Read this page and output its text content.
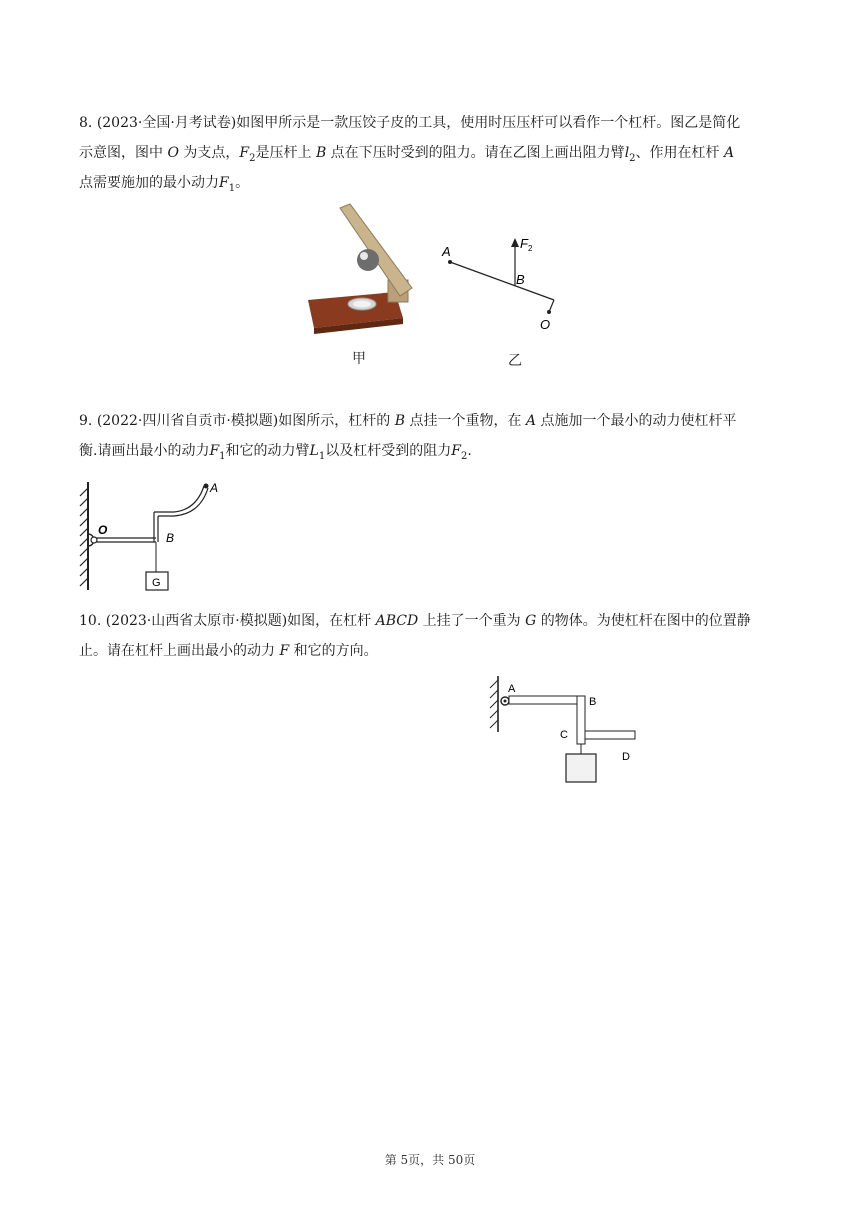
8. (2023·全国·月考试卷)如图甲所示是一款压饺子皮的工具，使用时压压杆可以看作一个杠杆。图乙是简化

示意图，图中 O 为支点，$F_2$是压杆上 B 点在下压时受到的阻力。请在乙图上画出阻力臂$l_2$、作用在杠杆 A

点需要施加的最小动力$F_1$。

甲
A
B
O
F 2
乙

9. (2022·四川省自贡市·模拟题)如图所示，杠杆的 B 点挂一个重物，在 A 点施加一个最小的动力使杠杆平

衡.请画出最小的动力$F_1$和它的动力臂$L_1$以及杠杆受到的阻力$F_2$.

G
O
B
A

10. (2023·山西省太原市·模拟题)如图，在杠杆 ABCD 上挂了一个重为 G 的物体。为使杠杆在图中的位置静

止。请在杠杆上画出最小的动力 F 和它的方向。

A
B
C
D
第 5页，共 50页
